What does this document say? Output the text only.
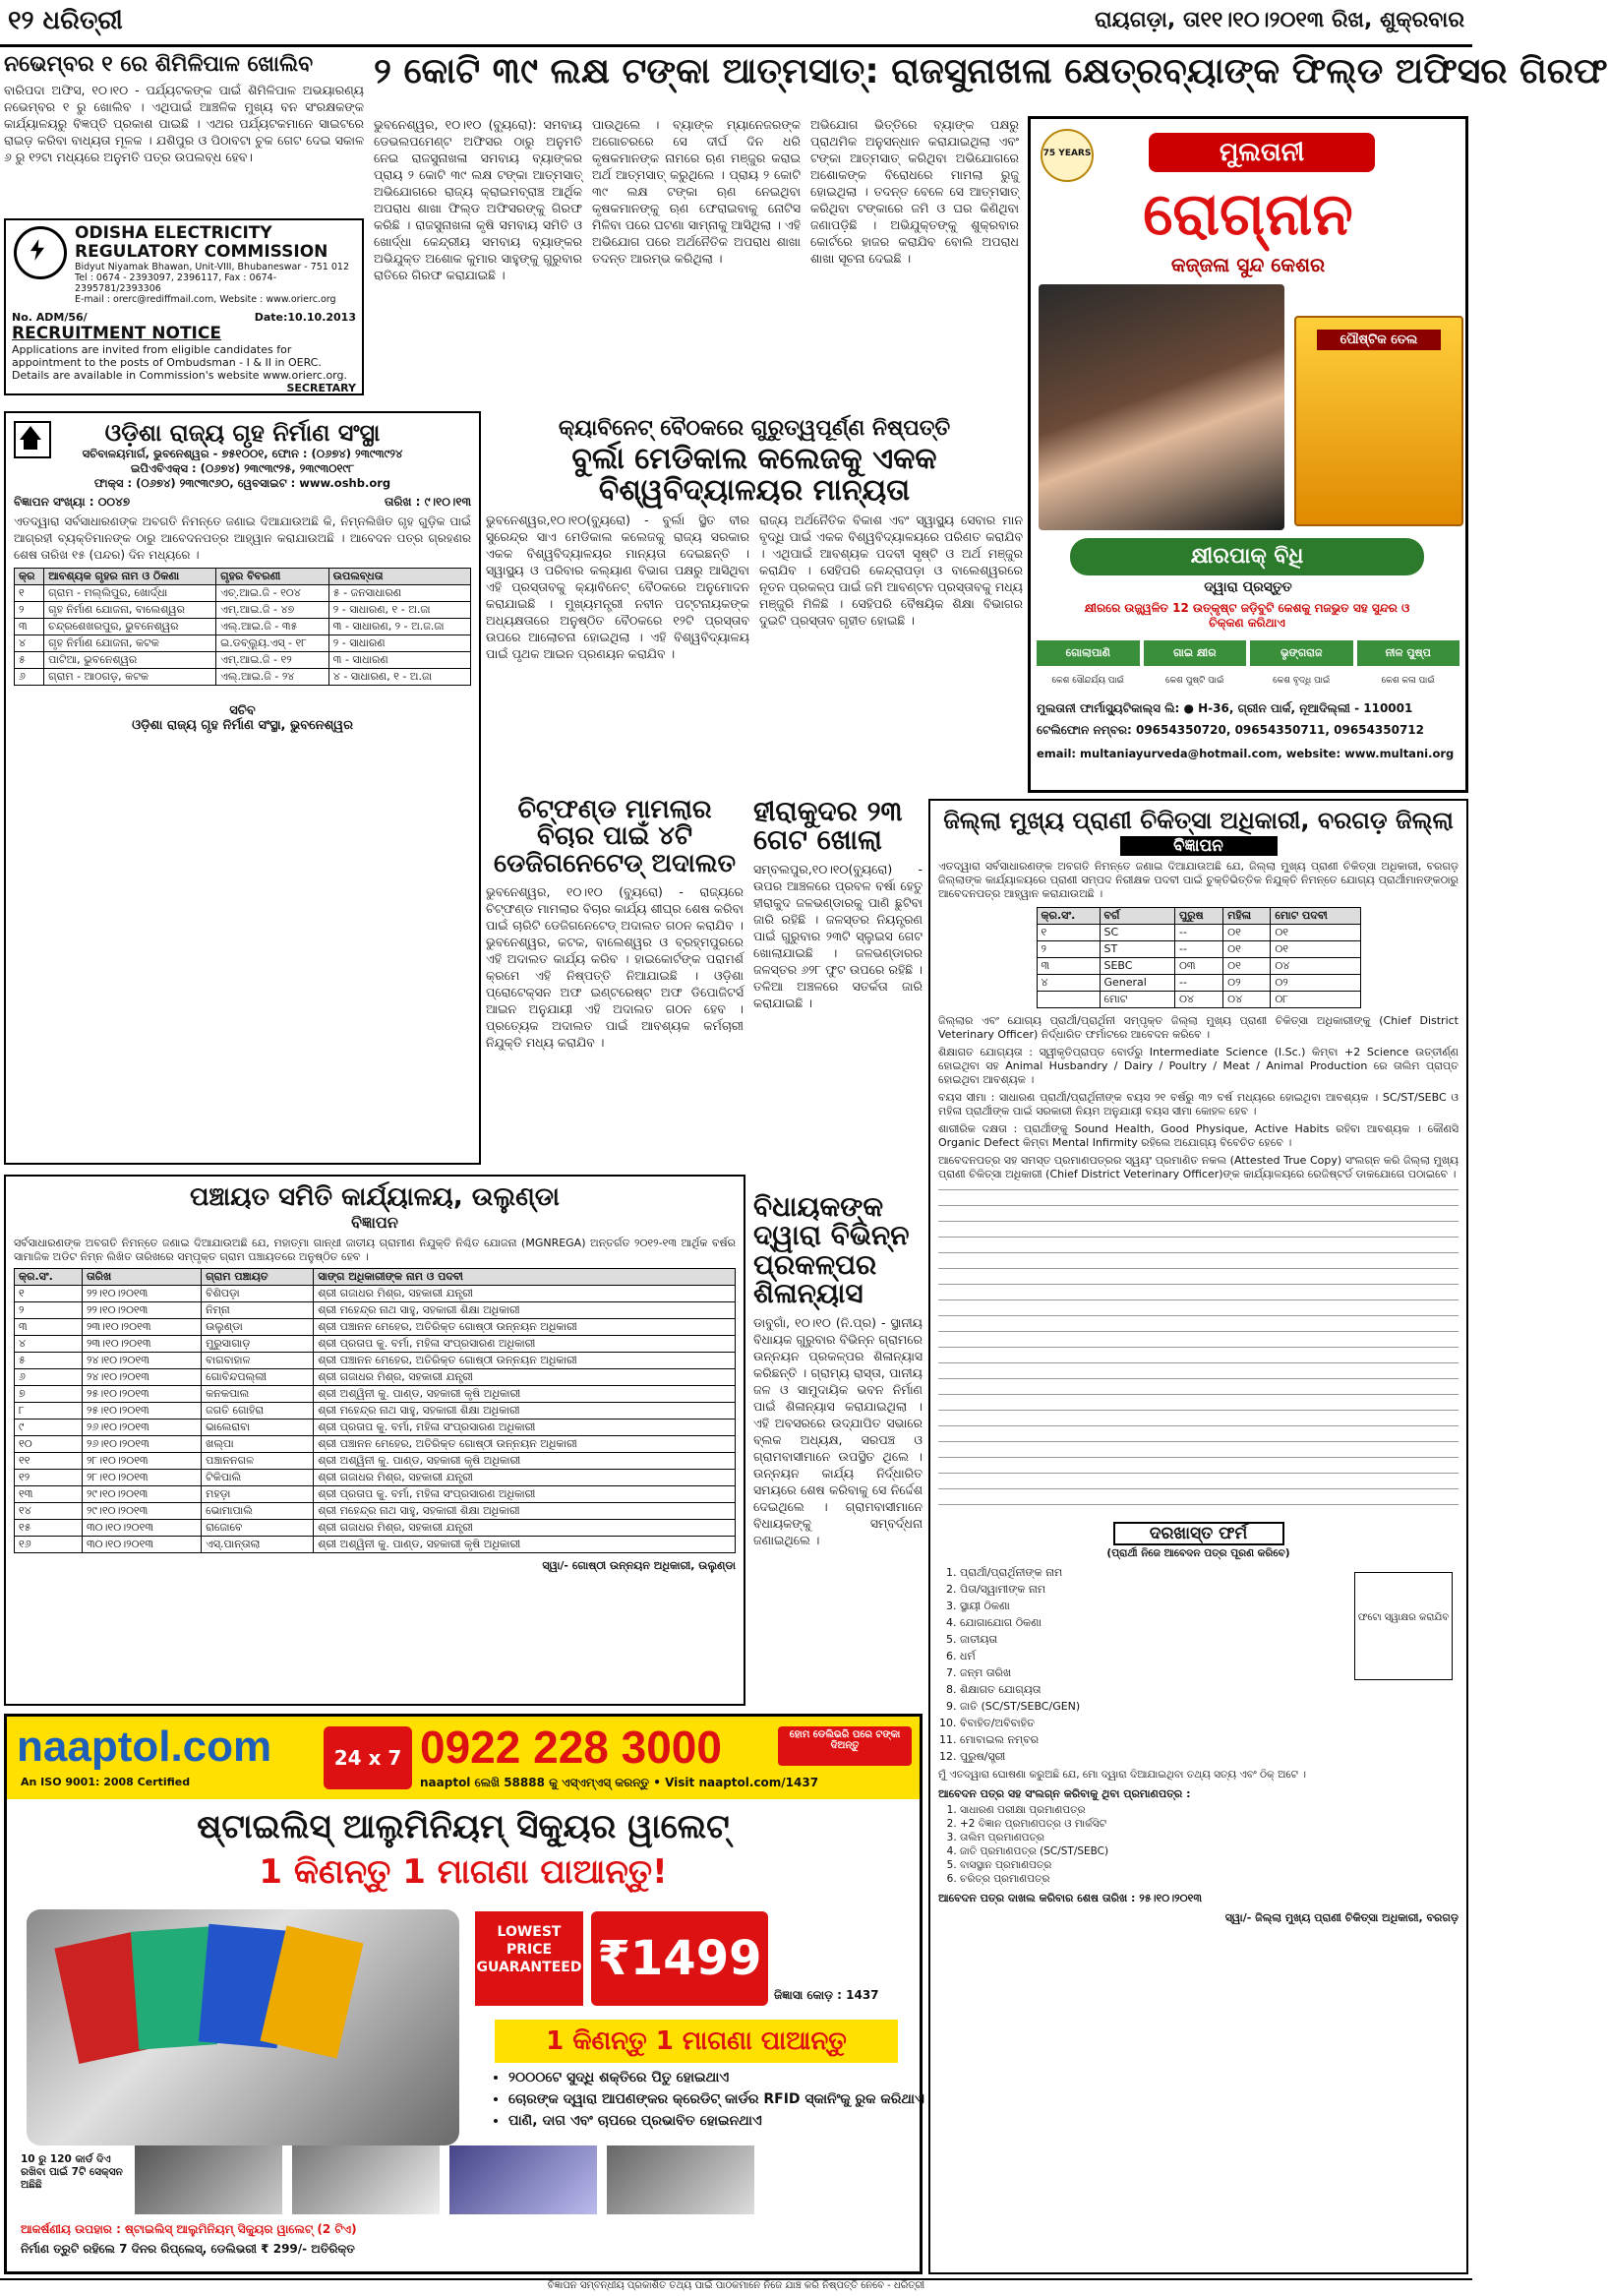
୧୨ ଧରିତ୍ରୀ	ରାୟଗଡ଼ା, ତା୧୧।୧୦।୨୦୧୩ ରିଖ, ଶୁକ୍ରବାର
ନଭେମ୍ବର ୧ ରେ ଶିମିଳିପାଳ ଖୋଲିବ
ବାରିପଦା ଅଫିସ, ୧୦।୧୦ - ପର୍ଯ୍ୟଟକଙ୍କ ପାଇଁ ଶିମିଳିପାଳ ଅଭୟାରଣ୍ୟ ନଭେମ୍ବର ୧ ରୁ ଖୋଲିବ । ଏଥିପାଇଁ ଆଞ୍ଚଳିକ ମୁଖ୍ୟ ବନ ସଂରକ୍ଷକଙ୍କ କାର୍ଯ୍ୟାଳୟରୁ ବିଜ୍ଞପ୍ତି ପ୍ରକାଶ ପାଇଛି । ଏଥର ପର୍ଯ୍ୟଟକମାନେ ସାଇଟରେ ରାଇଡ଼ କରିବା ବାଧ୍ୟତା ମୂଳକ । ଯଶିପୁର ଓ ପିଠାବଟା ଚୁକ ଗେଟ ଦେଇ ସକାଳ ୬ ରୁ ୧୨ଟା ମଧ୍ୟରେ ଅନୁମତି ପତ୍ର ଉପଲବ୍ଧ ହେବ।
ODISHA ELECTRICITY
REGULATORY COMMISSION
Bidyut Niyamak Bhawan, Unit-VIII, Bhubaneswar - 751 012
Tel : 0674 - 2393097, 2396117, Fax : 0674-2395781/2393306
E-mail : orerc@rediffmail.com, Website : www.orierc.org
No. ADM/56/	Date:10.10.2013
RECRUITMENT NOTICE
Applications are invited from eligible candidates for appointment to the posts of Ombudsman - I & II in OERC. Details are available in Commission's website www.orierc.org.
SECRETARY
ଓଡ଼ିଶା ରାଜ୍ୟ ଗୃହ ନିର୍ମାଣ ସଂସ୍ଥା
ସଚିବାଳୟମାର୍ଗ, ଭୁବନେଶ୍ୱର - ୭୫୧୦୦୧, ଫୋନ : (୦୬୭୪) ୨୩୯୩୯୨୪
ଇପିଏବିଏକ୍ସ : (୦୬୭୪) ୨୩୯୩୯୨୫, ୨୩୯୩୦୧୯୮
ଫାକ୍ସ : (୦୬୭୪) ୨୩୯୩୯୬୦, ୱେବସାଇଟ : www.oshb.org
ବିଜ୍ଞାପନ ସଂଖ୍ୟା : ୦୦୪୭	ତାରିଖ : ୯।୧୦।୧୩
ଏତଦ୍ୱାରା ସର୍ବସାଧାରଣଙ୍କ ଅବଗତି ନିମନ୍ତେ ଜଣାଇ ଦିଆଯାଉଅଛି କି, ନିମ୍ନଲିଖିତ ଗୃହ ଗୁଡ଼ିକ ପାଇଁ ଆଗ୍ରହୀ ବ୍ୟକ୍ତିମାନଙ୍କ ଠାରୁ ଆବେଦନପତ୍ର ଆହ୍ୱାନ କରାଯାଉଅଛି । ଆବେଦନ ପତ୍ର ଗ୍ରହଣର ଶେଷ ତାରିଖ ୧୫ (ପନ୍ଦର) ଦିନ ମଧ୍ୟରେ ।
କ୍ର	ଆବଶ୍ୟକ ଗୃହର ନାମ ଓ ଠିକଣା	ଗୃହର ବିବରଣୀ	ଉପଲବ୍ଧତା
୧	ଗ୍ରାମ - ମଲ୍ଲିପୁର, ଖୋର୍ଦ୍ଧା	ଏଚ୍.ଆଇ.ଜି - ୧୦୪	୫ - ଜନସାଧାରଣ
୨	ଗୃହ ନିର୍ମାଣ ଯୋଜନା, ବାଲେଶ୍ୱର	ଏମ୍.ଆଇ.ଜି - ୪୭	୨ - ସାଧାରଣ, ୧ - ଅ.ଜା
୩	ଚନ୍ଦ୍ରଶେଖରପୁର, ଭୁବନେଶ୍ୱର	ଏଲ୍.ଆଇ.ଜି - ୩୫	୩ - ସାଧାରଣ, ୨ - ଅ.ଜ.ଜା
୪	ଗୃହ ନିର୍ମାଣ ଯୋଜନା, କଟକ	ଇ.ଡବ୍ଲ୍ୟୁ.ଏସ୍ - ୧୮	୨ - ସାଧାରଣ
୫	ପାଟିଆ, ଭୁବନେଶ୍ୱର	ଏମ୍.ଆଇ.ଜି - ୧୨	୩ - ସାଧାରଣ
୬	ଗ୍ରାମ - ଆଠଗଡ଼, କଟକ	ଏଲ୍.ଆଇ.ଜି - ୨୪	୪ - ସାଧାରଣ, ୧ - ଅ.ଜା
ସଚିବ
ଓଡ଼ିଶା ରାଜ୍ୟ ଗୃହ ନିର୍ମାଣ ସଂସ୍ଥା, ଭୁବନେଶ୍ୱର
୨ କୋଟି ୩୯ ଲକ୍ଷ ଟଙ୍କା ଆତ୍ମସାତ୍: ରାଜସୁନାଖଳା କ୍ଷେତ୍ରବ୍ୟାଙ୍କ ଫିଲ୍ଡ ଅଫିସର ଗିରଫ
ଭୁବନେଶ୍ୱର, ୧୦।୧୦ (ବ୍ୟୁରୋ): ସମବାୟ ଡେଭଲପମେଣ୍ଟ ଅଫିସର ଠାରୁ ଅନୁମତି ନେଇ ରାଜସୁନାଖଳା ସମବାୟ ବ୍ୟାଙ୍କର ପ୍ରାୟ ୨ କୋଟି ୩୯ ଲକ୍ଷ ଟଙ୍କା ଆତ୍ମସାତ୍ ଅଭିଯୋଗରେ ରାଜ୍ୟ କ୍ରାଇମବ୍ରାଞ୍ଚ ଆର୍ଥିକ ଅପରାଧ ଶାଖା ଫିଲ୍ଡ ଅଫିସରଙ୍କୁ ଗିରଫ କରିଛି । ରାଜସୁନାଖଳା କୃଷି ସମବାୟ ସମିତି ଓ ଖୋର୍ଦ୍ଧା କେନ୍ଦ୍ରୀୟ ସମବାୟ ବ୍ୟାଙ୍କର ଅଭିଯୁକ୍ତ ଅଶୋକ କୁମାର ସାହୁଙ୍କୁ ଗୁରୁବାର ରାତିରେ ଗିରଫ କରାଯାଇଛି ।
ପାଉଥିଲେ । ବ୍ୟାଙ୍କ ମ୍ୟାନେଜରଙ୍କ ଅଗୋଚରରେ ସେ ଦୀର୍ଘ ଦିନ ଧରି କୃଷକମାନଙ୍କ ନାମରେ ଋଣ ମଞ୍ଜୁର କରାଇ ଅର୍ଥ ଆତ୍ମସାତ୍ କରୁଥିଲେ । ପ୍ରାୟ ୨ କୋଟି ୩୯ ଲକ୍ଷ ଟଙ୍କା ଋଣ ନେଇଥିବା କୃଷକମାନଙ୍କୁ ଋଣ ଫେରାଇବାକୁ ନୋଟିସ ମିଳିବା ପରେ ଘଟଣା ସାମ୍ନାକୁ ଆସିଥିଲା । ଏହି ଅଭିଯୋଗ ପରେ ଅର୍ଥନୈତିକ ଅପରାଧ ଶାଖା ତଦନ୍ତ ଆରମ୍ଭ କରିଥିଲା ।
ଅଭିଯୋଗ ଭିତ୍ତିରେ ବ୍ୟାଙ୍କ ପକ୍ଷରୁ ପ୍ରାଥମିକ ଅନୁସନ୍ଧାନ କରାଯାଇଥିଲା ଏବଂ ଟଙ୍କା ଆତ୍ମସାତ୍ କରିଥିବା ଅଭିଯୋଗରେ ଅଶୋକଙ୍କ ବିରୋଧରେ ମାମଲା ରୁଜୁ ହୋଇଥିଲା । ତଦନ୍ତ ବେଳେ ସେ ଆତ୍ମସାତ୍ କରିଥିବା ଟଙ୍କାରେ ଜମି ଓ ଘର କିଣିଥିବା ଜଣାପଡ଼ିଛି । ଅଭିଯୁକ୍ତଙ୍କୁ ଶୁକ୍ରବାର କୋର୍ଟରେ ହାଜର କରାଯିବ ବୋଲି ଅପରାଧ ଶାଖା ସୂଚନା ଦେଇଛି ।
କ୍ୟାବିନେଟ୍ ବୈଠକରେ ଗୁରୁତ୍ୱପୂର୍ଣ୍ଣ ନିଷ୍ପତ୍ତି
ବୁର୍ଲା ମେଡିକାଲ କଲେଜକୁ ଏକକ ବିଶ୍ୱବିଦ୍ୟାଳୟର ମାନ୍ୟତା
ଭୁବନେଶ୍ୱର,୧୦।୧୦(ବ୍ୟୁରୋ) - ବୁର୍ଲା ସ୍ଥିତ ବୀର ସୁରେନ୍ଦ୍ର ସାଏ ମେଡିକାଲ କଲେଜକୁ ରାଜ୍ୟ ସରକାର ଏକକ ବିଶ୍ୱବିଦ୍ୟାଳୟର ମାନ୍ୟତା ଦେଇଛନ୍ତି । ସ୍ୱାସ୍ଥ୍ୟ ଓ ପରିବାର କଲ୍ୟାଣ ବିଭାଗ ପକ୍ଷରୁ ଆସିଥିବା ଏହି ପ୍ରସ୍ତାବକୁ କ୍ୟାବିନେଟ୍ ବୈଠକରେ ଅନୁମୋଦନ କରାଯାଇଛି । ମୁଖ୍ୟମନ୍ତ୍ରୀ ନବୀନ ପଟ୍ଟନାୟକଙ୍କ ଅଧ୍ୟକ୍ଷତାରେ ଅନୁଷ୍ଠିତ ବୈଠକରେ ୧୨ଟି ପ୍ରସ୍ତାବ ଉପରେ ଆଲୋଚନା ହୋଇଥିଲା । ଏହି ବିଶ୍ୱବିଦ୍ୟାଳୟ ପାଇଁ ପୃଥକ ଆଇନ ପ୍ରଣୟନ କରାଯିବ ।
ରାଜ୍ୟ ଅର୍ଥନୈତିକ ବିକାଶ ଏବଂ ସ୍ୱାସ୍ଥ୍ୟ ସେବାର ମାନ ବୃଦ୍ଧି ପାଇଁ ଏକକ ବିଶ୍ୱବିଦ୍ୟାଳୟରେ ପରିଣତ କରାଯିବ । ଏଥିପାଇଁ ଆବଶ୍ୟକ ପଦବୀ ସୃଷ୍ଟି ଓ ଅର୍ଥ ମଞ୍ଜୁର କରାଯିବ । ସେହିପରି କେନ୍ଦ୍ରାପଡ଼ା ଓ ବାଲେଶ୍ୱରରେ ନୂତନ ପ୍ରକଳ୍ପ ପାଇଁ ଜମି ଆବଣ୍ଟନ ପ୍ରସ୍ତାବକୁ ମଧ୍ୟ ମଞ୍ଜୁରି ମିଳିଛି । ସେହିପରି ବୈଷୟିକ ଶିକ୍ଷା ବିଭାଗର ଦୁଇଟି ପ୍ରସ୍ତାବ ଗୃହୀତ ହୋଇଛି ।
ଚିଟ୍‌ଫଣ୍ଡ ମାମଲାର ବିଚାର ପାଇଁ ୪ଟି ଡେଜିଗନେଟେଡ୍ ଅଦାଲତ
ଭୁବନେଶ୍ୱର, ୧୦।୧୦ (ବ୍ୟୁରୋ) - ରାଜ୍ୟରେ ଚିଟ୍‌ଫଣ୍ଡ ମାମଲାର ବିଚାର କାର୍ଯ୍ୟ ଶୀଘ୍ର ଶେଷ କରିବା ପାଇଁ ଚାରିଟି ଡେଜିଗନେଟେଡ୍ ଅଦାଲତ ଗଠନ କରାଯିବ । ଭୁବନେଶ୍ୱର, କଟକ, ବାଲେଶ୍ୱର ଓ ବ୍ରହ୍ମପୁରରେ ଏହି ଅଦାଲତ କାର୍ଯ୍ୟ କରିବ । ହାଇକୋର୍ଟଙ୍କ ପରାମର୍ଶ କ୍ରମେ ଏହି ନିଷ୍ପତ୍ତି ନିଆଯାଇଛି । ଓଡ଼ିଶା ପ୍ରୋଟେକ୍ସନ ଅଫ ଇଣ୍ଟରେଷ୍ଟ ଅଫ ଡିପୋଜିଟର୍ସ ଆଇନ ଅନୁଯାୟୀ ଏହି ଅଦାଲତ ଗଠନ ହେବ । ପ୍ରତ୍ୟେକ ଅଦାଲତ ପାଇଁ ଆବଶ୍ୟକ କର୍ମଚାରୀ ନିଯୁକ୍ତି ମଧ୍ୟ କରାଯିବ ।
ହୀରାକୁଦର ୨୩ ଗେଟ ଖୋଲା
ସମ୍ବଲପୁର,୧୦।୧୦(ବ୍ୟୁରୋ) - ଉପର ଆଞ୍ଚଳରେ ପ୍ରବଳ ବର୍ଷା ହେତୁ ହୀରାକୁଦ ଜଳଭଣ୍ଡାରକୁ ପାଣି ଛୁଟିବା ଜାରି ରହିଛି । ଜଳସ୍ତର ନିୟନ୍ତ୍ରଣ ପାଇଁ ଗୁରୁବାର ୨୩ଟି ସ୍ଲୁଇସ ଗେଟ ଖୋଲାଯାଇଛି । ଜଳଭଣ୍ଡାରର ଜଳସ୍ତର ୬୨୮ ଫୁଟ ଉପରେ ରହିଛି । ତଳିଆ ଅଞ୍ଚଳରେ ସତର୍କତା ଜାରି କରାଯାଇଛି ।
ବିଧାୟକଙ୍କ ଦ୍ୱାରା ବିଭିନ୍ନ ପ୍ରକଳ୍ପର ଶିଳାନ୍ୟାସ
ଡାବୁଗାଁ, ୧୦।୧୦ (ନି.ପ୍ର) - ସ୍ଥାନୀୟ ବିଧାୟକ ଗୁରୁବାର ବିଭିନ୍ନ ଗ୍ରାମରେ ଉନ୍ନୟନ ପ୍ରକଳ୍ପର ଶିଳାନ୍ୟାସ କରିଛନ୍ତି । ଗ୍ରାମ୍ୟ ରାସ୍ତା, ପାନୀୟ ଜଳ ଓ ସାମୁଦାୟିକ ଭବନ ନିର୍ମାଣ ପାଇଁ ଶିଳାନ୍ୟାସ କରାଯାଇଥିଲା । ଏହି ଅବସରରେ ଉଦ୍‌ଯାପିତ ସଭାରେ ବ୍ଲକ ଅଧ୍ୟକ୍ଷ, ସରପଞ୍ଚ ଓ ଗ୍ରାମବାସୀମାନେ ଉପସ୍ଥିତ ଥିଲେ । ଉନ୍ନୟନ କାର୍ଯ୍ୟ ନିର୍ଦ୍ଧାରିତ ସମୟରେ ଶେଷ କରିବାକୁ ସେ ନିର୍ଦ୍ଦେଶ ଦେଇଥିଲେ । ଗ୍ରାମବାସୀମାନେ ବିଧାୟକଙ୍କୁ ସମ୍ବର୍ଦ୍ଧନା ଜଣାଇଥିଲେ ।
ପଞ୍ଚାୟତ ସମିତି କାର୍ଯ୍ୟାଳୟ, ଉଲୁଣ୍ଡା
ବିଜ୍ଞାପନ
ସର୍ବସାଧାରଣଙ୍କ ଅବଗତି ନିମନ୍ତେ ଜଣାଇ ଦିଆଯାଉଅଛି ଯେ, ମହାତ୍ମା ଗାନ୍ଧୀ ଜାତୀୟ ଗ୍ରାମୀଣ ନିଯୁକ୍ତି ନିଶ୍ଚିତ ଯୋଜନା (MGNREGA) ଅନ୍ତର୍ଗତ ୨୦୧୨-୧୩ ଆର୍ଥିକ ବର୍ଷର ସାମାଜିକ ଅଡିଟ ନିମ୍ନ ଲିଖିତ ତାରିଖରେ ସମ୍ପୃକ୍ତ ଗ୍ରାମ ପଞ୍ଚାୟତରେ ଅନୁଷ୍ଠିତ ହେବ ।
କ୍ର.ସଂ.	ତାରିଖ	ଗ୍ରାମ ପଞ୍ଚାୟତ	ସାଙ୍ଗ ଅଧିକାରୀଙ୍କ ନାମ ଓ ପଦବୀ
୧	୨୨।୧୦।୨୦୧୩	ବିଶିପଡ଼ା	ଶ୍ରୀ ଗଜାଧର ମିଶ୍ର, ସହକାରୀ ଯନ୍ତ୍ରୀ
୨	୨୨।୧୦।୨୦୧୩	ନିମ୍ନା	ଶ୍ରୀ ମହେନ୍ଦ୍ର ନାଥ ସାହୁ, ସହକାରୀ ଶିକ୍ଷା ଅଧିକାରୀ
୩	୨୩।୧୦।୨୦୧୩	ଉଲୁଣ୍ଡା	ଶ୍ରୀ ପଞ୍ଚାନନ ମେହେର, ଅତିରିକ୍ତ ଗୋଷ୍ଠୀ ଉନ୍ନୟନ ଅଧିକାରୀ
୪	୨୩।୧୦।୨୦୧୩	ମୁରୁସାଗାଡ଼	ଶ୍ରୀ ପ୍ରତାପ କୁ. ବର୍ମା, ମହିଳା ସଂପ୍ରସାରଣ ଅଧିକାରୀ
୫	୨୪।୧୦।୨୦୧୩	ବାଗବାହାଳ	ଶ୍ରୀ ପଞ୍ଚାନନ ମେହେର, ଅତିରିକ୍ତ ଗୋଷ୍ଠୀ ଉନ୍ନୟନ ଅଧିକାରୀ
୬	୨୪।୧୦।୨୦୧୩	ଗୋବିନ୍ଦପଲ୍ଲୀ	ଶ୍ରୀ ଗଜାଧର ମିଶ୍ର, ସହକାରୀ ଯନ୍ତ୍ରୀ
୭	୨୫।୧୦।୨୦୧୩	କନକପାଲ	ଶ୍ରୀ ଅଶ୍ୱିନୀ କୁ. ପାଣ୍ଡ, ସହକାରୀ କୃଷି ଅଧିକାରୀ
୮	୨୫।୧୦।୨୦୧୩	ଜଗତି ଗୋହିରା	ଶ୍ରୀ ମହେନ୍ଦ୍ର ନାଥ ସାହୁ, ସହକାରୀ ଶିକ୍ଷା ଅଧିକାରୀ
୯	୨୬।୧୦।୨୦୧୩	ଭାଲେରାବା	ଶ୍ରୀ ପ୍ରତାପ କୁ. ବର୍ମା, ମହିଳା ସଂପ୍ରସାରଣ ଅଧିକାରୀ
୧୦	୨୬।୧୦।୨୦୧୩	ଖଲ୍ପା	ଶ୍ରୀ ପଞ୍ଚାନନ ମେହେର, ଅତିରିକ୍ତ ଗୋଷ୍ଠୀ ଉନ୍ନୟନ ଅଧିକାରୀ
୧୧	୨୮।୧୦।୨୦୧୩	ପଞ୍ଚାନନଗଳ	ଶ୍ରୀ ଅଶ୍ୱିନୀ କୁ. ପାଣ୍ଡ, ସହକାରୀ କୃଷି ଅଧିକାରୀ
୧୨	୨୮।୧୦।୨୦୧୩	ଟିକିପାଲି	ଶ୍ରୀ ଗଜାଧର ମିଶ୍ର, ସହକାରୀ ଯନ୍ତ୍ରୀ
୧୩	୨୯।୧୦।୨୦୧୩	ମହଡ଼ା	ଶ୍ରୀ ପ୍ରତାପ କୁ. ବର୍ମା, ମହିଳା ସଂପ୍ରସାରଣ ଅଧିକାରୀ
୧୪	୨୯।୧୦।୨୦୧୩	ଭୋମାପାଲି	ଶ୍ରୀ ମହେନ୍ଦ୍ର ନାଥ ସାହୁ, ସହକାରୀ ଶିକ୍ଷା ଅଧିକାରୀ
୧୫	୩୦।୧୦।୨୦୧୩	ରାଜୋବେ	ଶ୍ରୀ ଗଜାଧର ମିଶ୍ର, ସହକାରୀ ଯନ୍ତ୍ରୀ
୧୬	୩୦।୧୦।୨୦୧୩	ଏସ୍‌.ପାନ୍ତାଲା	ଶ୍ରୀ ଅଶ୍ୱିନୀ କୁ. ପାଣ୍ଡ, ସହକାରୀ କୃଷି ଅଧିକାରୀ
ସ୍ୱା/- ଗୋଷ୍ଠୀ ଉନ୍ନୟନ ଅଧିକାରୀ, ଉଲୁଣ୍ଡା
75 YEARS	ମୁଲତାନୀ
ରୋଗ୍ନାନ
କଜ୍ଜଳା ସୁନ୍ଦ କେଶର
ପୌଷ୍ଟିକ ତେଲ
କ୍ଷୀରପାକ୍ ବିଧି
ଦ୍ୱାରା ପ୍ରସ୍ତୁତ
କ୍ଷୀରରେ ଉଜ୍ଜ୍ୱଳିତ 12 ଉତ୍କୃଷ୍ଟ ଜଡ଼ିବୁଟି କେଶକୁ ମଜଭୁତ ସହ ସୁନ୍ଦର ଓ ଚିକ୍କଣ କରିଥାଏ
ଗୋଲାପାଣି	ଗାଇ କ୍ଷୀର	ଭୃଙ୍ଗରାଜ	ନୀଳ ପୁଷ୍ପ
କେଶ ସୌନ୍ଦର୍ଯ୍ୟ ପାଇଁ	କେଶ ପୁଷ୍ଟି ପାଇଁ	କେଶ ବୃଦ୍ଧି ପାଇଁ	କେଶ କଳା ପାଇଁ
ମୁଲତାନୀ ଫାର୍ମାସ୍ୟୁଟିକାଲ୍ସ ଲି: ● H-36, ଗ୍ରୀନ ପାର୍କ, ନୂଆଦିଲ୍ଲୀ - 110001
ଟେଲିଫୋନ ନମ୍ବର: 09654350720, 09654350711, 09654350712
email: multaniayurveda@hotmail.com, website: www.multani.org
ଜିଲ୍ଲା ମୁଖ୍ୟ ପ୍ରାଣୀ ଚିକିତ୍ସା ଅଧିକାରୀ, ବରଗଡ଼ ଜିଲ୍ଲା
ବିଜ୍ଞାପନ
ଏତଦ୍ୱାରା ସର୍ବସାଧାରଣଙ୍କ ଅବଗତି ନିମନ୍ତେ ଜଣାଇ ଦିଆଯାଉଅଛି ଯେ, ଜିଲ୍ଲା ମୁଖ୍ୟ ପ୍ରାଣୀ ଚିକିତ୍ସା ଅଧିକାରୀ, ବରଗଡ଼ ଜିଲ୍ଲାଙ୍କ କାର୍ଯ୍ୟାଳୟରେ ପ୍ରାଣୀ ସମ୍ପଦ ନିରୀକ୍ଷକ ପଦବୀ ପାଇଁ ଚୁକ୍ତିଭିତ୍ତିକ ନିଯୁକ୍ତି ନିମନ୍ତେ ଯୋଗ୍ୟ ପ୍ରାର୍ଥୀମାନଙ୍କଠାରୁ ଆବେଦନପତ୍ର ଆହ୍ୱାନ କରାଯାଉଅଛି ।
କ୍ର.ସଂ.	ବର୍ଗ	ପୁରୁଷ	ମହିଳା	ମୋଟ ପଦବୀ
୧	SC	--	୦୧	୦୧
୨	ST	--	୦୧	୦୧
୩	SEBC	୦୩	୦୧	୦୪
୪	General	--	୦୨	୦୨
	ମୋଟ	୦୪	୦୪	୦୮
ଜିଲ୍ଲାର ଏବଂ ଯୋଗ୍ୟ ପ୍ରାର୍ଥୀ/ପ୍ରାର୍ଥିନୀ ସମ୍ପୃକ୍ତ ଜିଲ୍ଲା ମୁଖ୍ୟ ପ୍ରାଣୀ ଚିକିତ୍ସା ଅଧିକାରୀଙ୍କୁ (Chief District Veterinary Officer) ନିର୍ଦ୍ଧାରିତ ଫର୍ମାଟରେ ଆବେଦନ କରିବେ ।
ଶିକ୍ଷାଗତ ଯୋଗ୍ୟତା : ସ୍ୱୀକୃତିପ୍ରାପ୍ତ ବୋର୍ଡରୁ Intermediate Science (I.Sc.) କିମ୍ବା +2 Science ଉତ୍ତୀର୍ଣ୍ଣ ହୋଇଥିବା ସହ Animal Husbandry / Dairy / Poultry / Meat / Animal Production ରେ ତାଲିମ ପ୍ରାପ୍ତ ହୋଇଥିବା ଆବଶ୍ୟକ ।
ବୟସ ସୀମା : ସାଧାରଣ ପ୍ରାର୍ଥୀ/ପ୍ରାର୍ଥିନୀଙ୍କ ବୟସ ୨୧ ବର୍ଷରୁ ୩୨ ବର୍ଷ ମଧ୍ୟରେ ହୋଇଥିବା ଆବଶ୍ୟକ । SC/ST/SEBC ଓ ମହିଳା ପ୍ରାର୍ଥୀଙ୍କ ପାଇଁ ସରକାରୀ ନିୟମ ଅନୁଯାୟୀ ବୟସ ସୀମା କୋହଳ ହେବ ।
ଶାରୀରିକ ଦକ୍ଷତା : ପ୍ରାର୍ଥୀଙ୍କୁ Sound Health, Good Physique, Active Habits ରହିବା ଆବଶ୍ୟକ । କୌଣସି Organic Defect କିମ୍ବା Mental Infirmity ରହିଲେ ଅଯୋଗ୍ୟ ବିବେଚିତ ହେବେ ।
ଆବେଦନପତ୍ର ସହ ସମସ୍ତ ପ୍ରମାଣପତ୍ରର ସ୍ୱୟଂ ପ୍ରମାଣିତ ନକଲ (Attested True Copy) ସଂଲଗ୍ନ କରି ଜିଲ୍ଲା ମୁଖ୍ୟ ପ୍ରାଣୀ ଚିକିତ୍ସା ଅଧିକାରୀ (Chief District Veterinary Officer)ଙ୍କ କାର୍ଯ୍ୟାଳୟରେ ରେଜିଷ୍ଟର୍ଡ ଡାକଯୋଗେ ପଠାଇବେ ।
ଦରଖାସ୍ତ ଫର୍ମ
(ପ୍ରାର୍ଥୀ ନିଜେ ଆବେଦନ ପତ୍ର ପୂରଣ କରିବେ)
ଫଟୋ ସ୍ୱାକ୍ଷର କରାଯିବ
1. ପ୍ରାର୍ଥୀ/ପ୍ରାର୍ଥିନୀଙ୍କ ନାମ
2. ପିତା/ସ୍ୱାମୀଙ୍କ ନାମ
3. ସ୍ଥାୟୀ ଠିକଣା
4. ଯୋଗାଯୋଗ ଠିକଣା
5. ଜାତୀୟତା
6. ଧର୍ମ
7. ଜନ୍ମ ତାରିଖ
8. ଶିକ୍ଷାଗତ ଯୋଗ୍ୟତା
9. ଜାତି (SC/ST/SEBC/GEN)
10. ବିବାହିତ/ଅବିବାହିତ
11. ମୋବାଇଲ ନମ୍ବର
12. ପୁରୁଷ/ସ୍ତ୍ରୀ
ମୁଁ ଏତଦ୍ୱାରା ଘୋଷଣା କରୁଅଛି ଯେ, ମୋ ଦ୍ୱାରା ଦିଆଯାଇଥିବା ତଥ୍ୟ ସତ୍ୟ ଏବଂ ଠିକ୍ ଅଟେ ।
ଆବେଦନ ପତ୍ର ସହ ସଂଲଗ୍ନ କରିବାକୁ ଥିବା ପ୍ରମାଣପତ୍ର :
1. ସାଧାରଣ ପରୀକ୍ଷା ପ୍ରମାଣପତ୍ର
2. +2 ବିଜ୍ଞାନ ପ୍ରମାଣପତ୍ର ଓ ମାର୍କସିଟ
3. ତାଲିମ ପ୍ରମାଣପତ୍ର
4. ଜାତି ପ୍ରମାଣପତ୍ର (SC/ST/SEBC)
5. ବାସସ୍ଥାନ ପ୍ରମାଣପତ୍ର
6. ଚରିତ୍ର ପ୍ରମାଣପତ୍ର
ଆବେଦନ ପତ୍ର ଦାଖଲ କରିବାର ଶେଷ ତାରିଖ : ୨୫।୧୦।୨୦୧୩
ସ୍ୱା/- ଜିଲ୍ଲା ମୁଖ୍ୟ ପ୍ରାଣୀ ଚିକିତ୍ସା ଅଧିକାରୀ, ବରଗଡ଼
naaptol.com
An ISO 9001: 2008 Certified
24 x 7 0922 228 3000	ହୋମ ଡେଲିଭରି ପରେ ଟଙ୍କା ଦିଅନ୍ତୁ
naaptol ଲେଖି 58888 କୁ ଏସ୍‌ଏମ୍‌ଏସ୍ କରନ୍ତୁ • Visit naaptol.com/1437
ଷ୍ଟାଇଲିସ୍ ଆଲୁମିନିୟମ୍ ସିକ୍ୟୁର ୱାଲେଟ୍
1 କିଣନ୍ତୁ 1 ମାଗଣା ପାଆନ୍ତୁ!
LOWEST PRICE GUARANTEED ₹1499
ଜିଜ୍ଞାସା କୋଡ଼ : 1437
1 କିଣନ୍ତୁ 1 ମାଗଣା ପାଆନ୍ତୁ
• ୨୦୦୦ଟେ ସୁଦ୍ଧି ଶକ୍ତିରେ ପିତୁ ହୋଇଥାଏ
• ଚୋରଙ୍କ ଦ୍ୱାରା ଆପଣଙ୍କର କ୍ରେଡିଟ୍ କାର୍ଡର RFID ସ୍କାନିଂକୁ ରୁକ କରିଥାଏ
• ପାଣି, ଦାଗ ଏବଂ ଚାପରେ ପ୍ରଭାବିତ ହୋଇନଥାଏ
10 ରୁ 120 କାର୍ଡ ଦିଏ ରଖିବା ପାଇଁ 7ଟି ସେକ୍ସନ ଅଛିଛି
ଆକର୍ଷଣୀୟ ଉପହାର : ଷ୍ଟାଇଲିସ୍ ଆଲୁମିନିୟମ୍ ସିକ୍ୟୁର ୱାଲେଟ୍ (2 ଟିଏ)
ନିର୍ମାଣ ତ୍ରୁଟି ରହିଲେ 7 ଦିନର ରିପ୍ଲେସ୍, ଡେଲିଭରୀ ₹ 299/- ଅତିରିକ୍ତ
ବିଜ୍ଞାପନ ସମ୍ବନ୍ଧୀୟ ପ୍ରକାଶିତ ତଥ୍ୟ ପାଇଁ ପାଠକମାନେ ନିଜେ ଯାଞ୍ଚ କରି ନିଷ୍ପତ୍ତି ନେବେ - ଧରିତ୍ରୀ
